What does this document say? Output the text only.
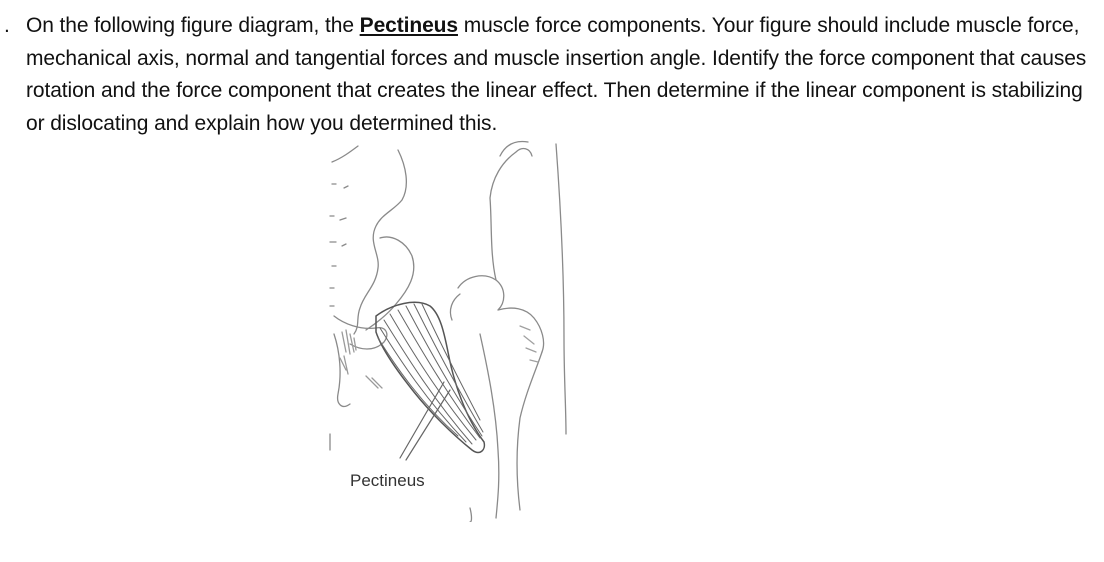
. On the following figure diagram, the Pectineus muscle force components. Your figure should include muscle force, mechanical axis, normal and tangential forces and muscle insertion angle. Identify the force component that causes rotation and the force component that creates the linear effect. Then determine if the linear component is stabilizing or dislocating and explain how you determined this.
Pectineus
